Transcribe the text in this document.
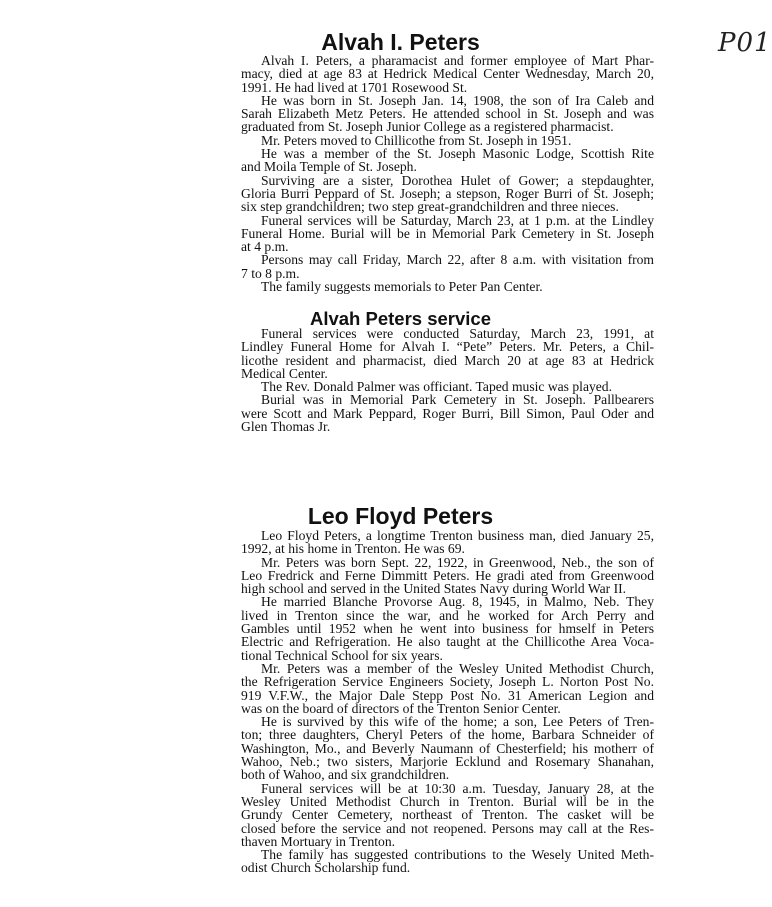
P01
Alvah I. Peters
Alvah I. Peters, a pharamacist and former employee of Mart Phar-
macy, died at age 83 at Hedrick Medical Center Wednesday, March 20,
1991. He had lived at 1701 Rosewood St.
He was born in St. Joseph Jan. 14, 1908, the son of Ira Caleb and
Sarah Elizabeth Metz Peters. He attended school in St. Joseph and was
graduated from St. Joseph Junior College as a registered pharmacist.
Mr. Peters moved to Chillicothe from St. Joseph in 1951.
He was a member of the St. Joseph Masonic Lodge, Scottish Rite
and Moila Temple of St. Joseph.
Surviving are a sister, Dorothea Hulet of Gower; a stepdaughter,
Gloria Burri Peppard of St. Joseph; a stepson, Roger Burri of St. Joseph;
six step grandchildren; two step great-grandchildren and three nieces.
Funeral services will be Saturday, March 23, at 1 p.m. at the Lindley
Funeral Home. Burial will be in Memorial Park Cemetery in St. Joseph
at 4 p.m.
Persons may call Friday, March 22, after 8 a.m. with visitation from
7 to 8 p.m.
The family suggests memorials to Peter Pan Center.
Alvah Peters service
Funeral services were conducted Saturday, March 23, 1991, at
Lindley Funeral Home for Alvah I. “Pete” Peters. Mr. Peters, a Chil-
licothe resident and pharmacist, died March 20 at age 83 at Hedrick
Medical Center.
The Rev. Donald Palmer was officiant. Taped music was played.
Burial was in Memorial Park Cemetery in St. Joseph. Pallbearers
were Scott and Mark Peppard, Roger Burri, Bill Simon, Paul Oder and
Glen Thomas Jr.
Leo Floyd Peters
Leo Floyd Peters, a longtime Trenton business man, died January 25,
1992, at his home in Trenton. He was 69.
Mr. Peters was born Sept. 22, 1922, in Greenwood, Neb., the son of
Leo Fredrick and Ferne Dimmitt Peters. He gradi ated from Greenwood
high school and served in the United States Navy during World War II.
He married Blanche Provorse Aug. 8, 1945, in Malmo, Neb. They
lived in Trenton since the war, and he worked for Arch Perry and
Gambles until 1952 when he went into business for hmself in Peters
Electric and Refrigeration. He also taught at the Chillicothe Area Voca-
tional Technical School for six years.
Mr. Peters was a member of the Wesley United Methodist Church,
the Refrigeration Service Engineers Society, Joseph L. Norton Post No.
919 V.F.W., the Major Dale Stepp Post No. 31 American Legion and
was on the board of directors of the Trenton Senior Center.
He is survived by this wife of the home; a son, Lee Peters of Tren-
ton; three daughters, Cheryl Peters of the home, Barbara Schneider of
Washington, Mo., and Beverly Naumann of Chesterfield; his motherr of
Wahoo, Neb.; two sisters, Marjorie Ecklund and Rosemary Shanahan,
both of Wahoo, and six grandchildren.
Funeral services will be at 10:30 a.m. Tuesday, January 28, at the
Wesley United Methodist Church in Trenton. Burial will be in the
Grundy Center Cemetery, northeast of Trenton. The casket will be
closed before the service and not reopened. Persons may call at the Res-
thaven Mortuary in Trenton.
The family has suggested contributions to the Wesely United Meth-
odist Church Scholarship fund.
